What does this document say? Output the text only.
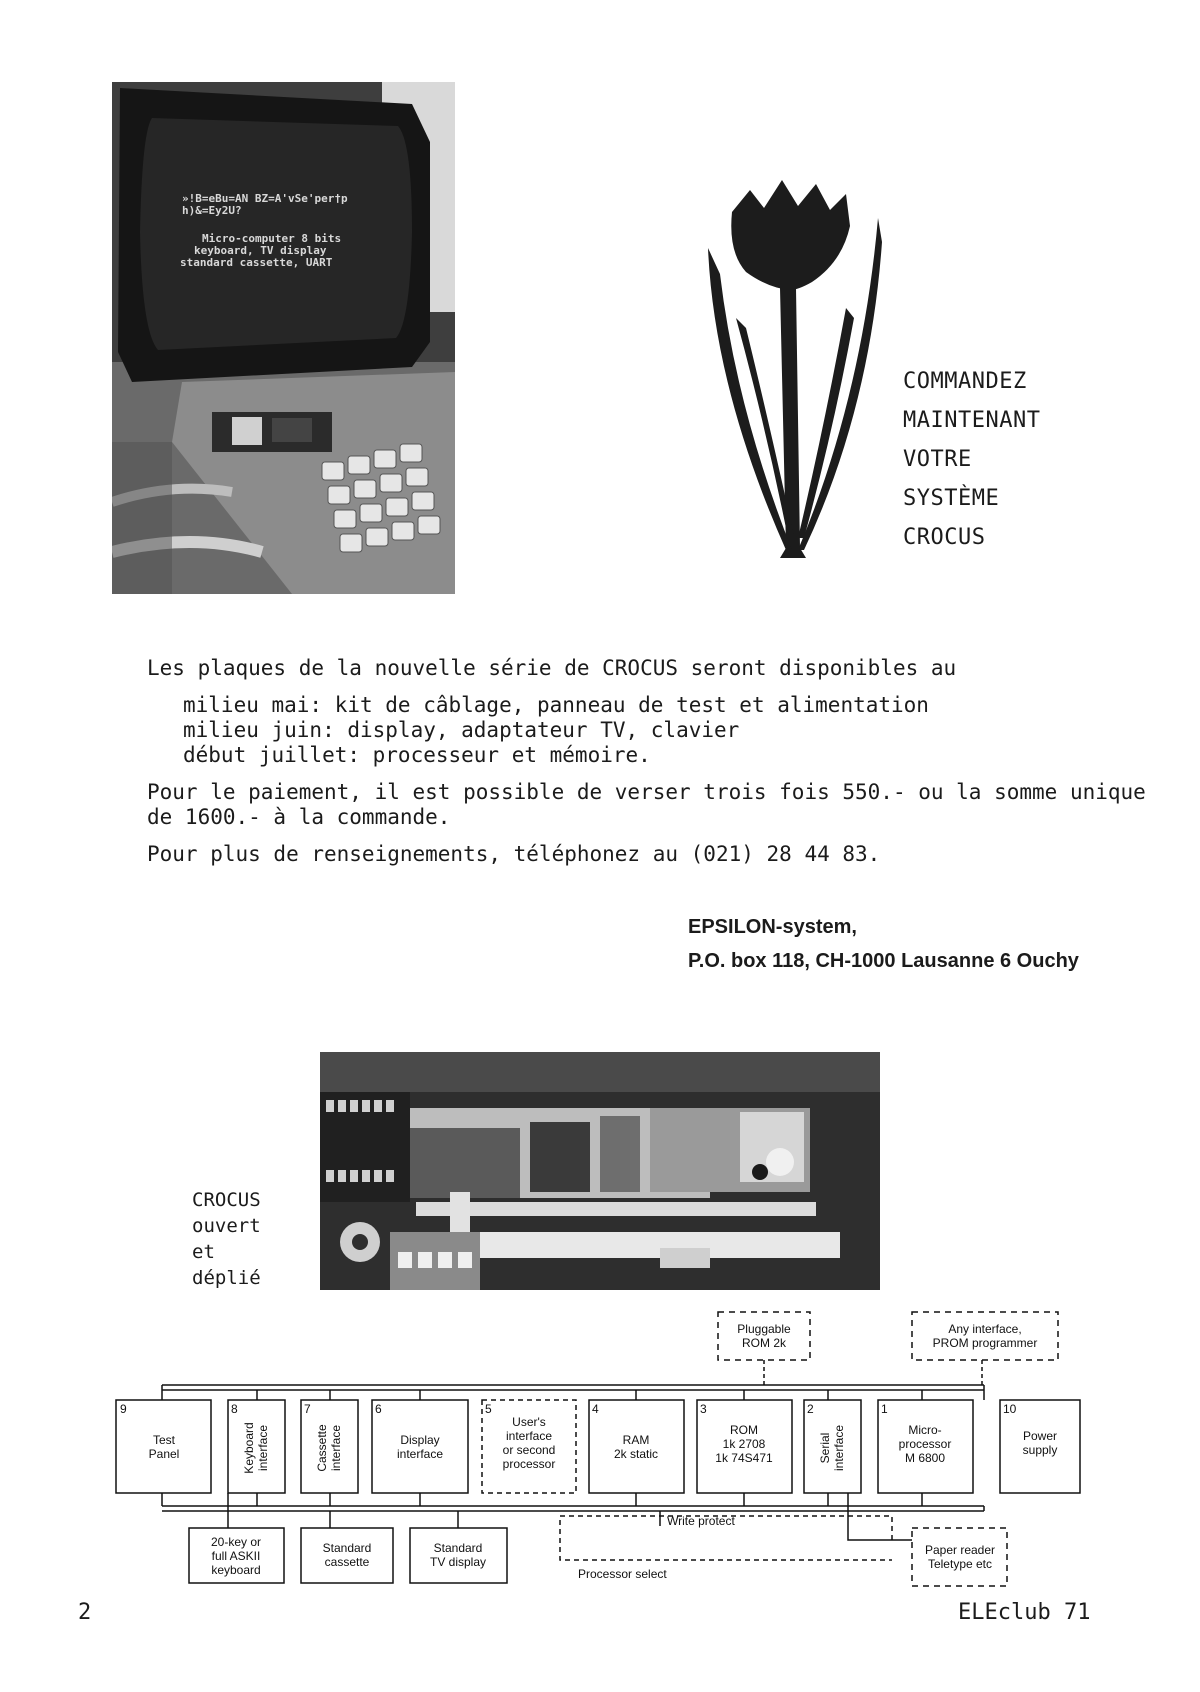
»!B=eBu=AN BZ=A'vSe'per†p
h)&=Ey2U?
Micro-computer 8 bits
keyboard, TV display
standard cassette, UART
COMMANDEZ
MAINTENANT
VOTRE
SYSTÈME
CROCUS

Les plaques de la nouvelle série de CROCUS seront disponibles au

milieu mai: kit de câblage, panneau de test et alimentation
milieu juin: display, adaptateur TV, clavier
début juillet: processeur et mémoire.

Pour le paiement, il est possible de verser trois fois 550.- ou la somme unique
de 1600.- à la commande.

Pour plus de renseignements, téléphonez au (021) 28 44 83.

EPSILON-system,
P.O. box 118, CH-1000 Lausanne 6 Ouchy
CROCUS
ouvert
et
déplié
9	8	7	6	5	4	3	2	1	10
Test
Panel	Keyboard interface	Cassette interface	Display
interface
User's
interface
or second
processor
RAM
2k static
ROM
1k 2708
1k 74S471	Serial interface	Micro-
processor
M 6800
Power
supply
Pluggable
ROM 2k
Any interface,
PROM programmer
20-key or
full ASKII
keyboard
Standard
cassette
Standard
TV display
Paper reader
Teletype etc
Write protect
Processor select
2	ELEclub 71
